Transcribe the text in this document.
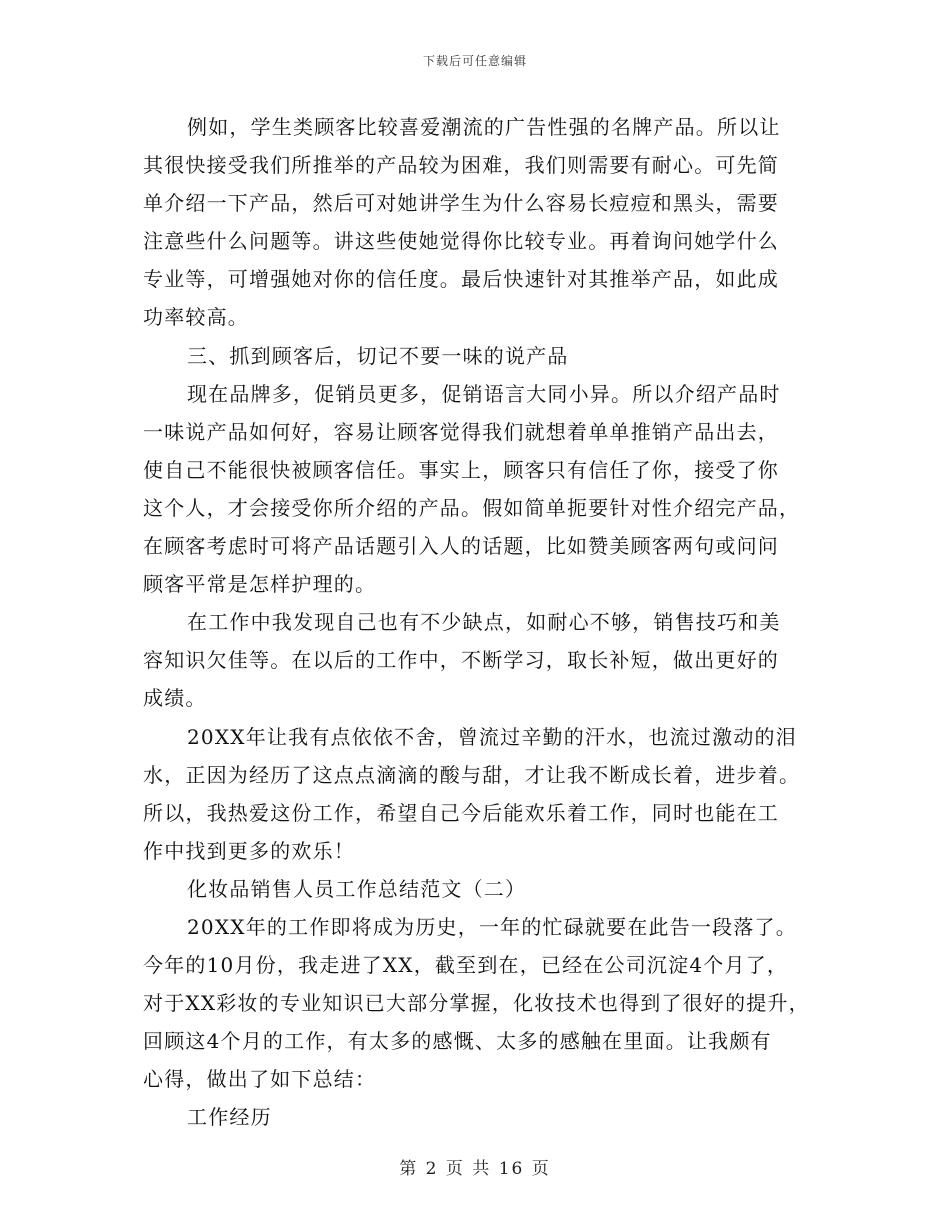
下载后可任意编辑
例如，学生类顾客比较喜爱潮流的广告性强的名牌产品。所以让
其很快接受我们所推举的产品较为困难，我们则需要有耐心。可先简
单介绍一下产品，然后可对她讲学生为什么容易长痘痘和黑头，需要
注意些什么问题等。讲这些使她觉得你比较专业。再着询问她学什么
专业等，可增强她对你的信任度。最后快速针对其推举产品，如此成
功率较高。
三、抓到顾客后，切记不要一味的说产品
现在品牌多，促销员更多，促销语言大同小异。所以介绍产品时
一味说产品如何好，容易让顾客觉得我们就想着单单推销产品出去，
使自己不能很快被顾客信任。事实上，顾客只有信任了你，接受了你
这个人，才会接受你所介绍的产品。假如简单扼要针对性介绍完产品，
在顾客考虑时可将产品话题引入人的话题，比如赞美顾客两句或问问
顾客平常是怎样护理的。
在工作中我发现自己也有不少缺点，如耐心不够，销售技巧和美
容知识欠佳等。在以后的工作中，不断学习，取长补短，做出更好的
成绩。
20XX年让我有点依依不舍，曾流过辛勤的汗水，也流过激动的泪
水，正因为经历了这点点滴滴的酸与甜，才让我不断成长着，进步着。
所以，我热爱这份工作，希望自己今后能欢乐着工作，同时也能在工
作中找到更多的欢乐！
化妆品销售人员工作总结范文（二）
20XX年的工作即将成为历史，一年的忙碌就要在此告一段落了。
今年的10月份，我走进了XX，截至到在，已经在公司沉淀4个月了，
对于XX彩妆的专业知识已大部分掌握，化妆技术也得到了很好的提升，
回顾这4个月的工作，有太多的感慨、太多的感触在里面。让我颇有
心得，做出了如下总结：
工作经历
第 2 页 共 16 页
